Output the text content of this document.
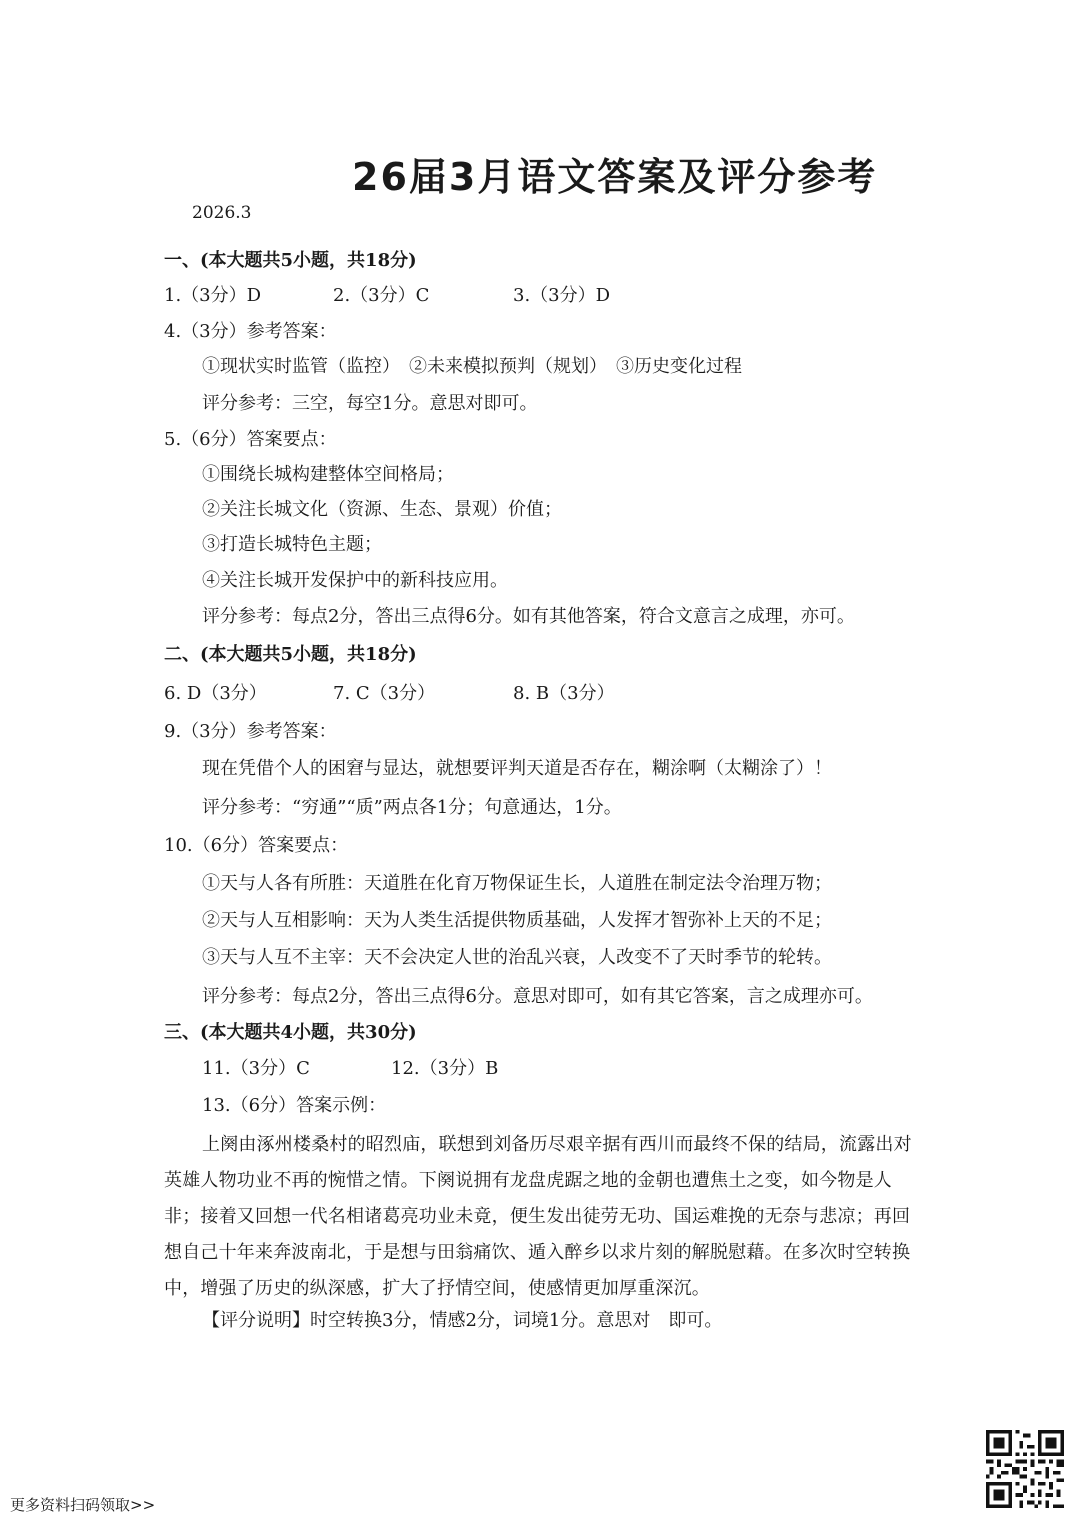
26届3月语文答案及评分参考
2026.3
一、(本大题共5小题，共18分)
1.（3分）D	2.（3分）C	3.（3分）D
4.（3分）参考答案：
①现状实时监管（监控）　②未来模拟预判（规划）　③历史变化过程
评分参考：三空，每空1分。意思对即可。
5.（6分）答案要点：
①围绕长城构建整体空间格局；
②关注长城文化（资源、生态、景观）价值；
③打造长城特色主题；
④关注长城开发保护中的新科技应用。
评分参考：每点2分，答出三点得6分。如有其他答案，符合文意言之成理，亦可。
二、(本大题共5小题，共18分)
6. D（3分）	7. C（3分）	8. B（3分）
9.（3分）参考答案：
现在凭借个人的困窘与显达，就想要评判天道是否存在，糊涂啊（太糊涂了）！
评分参考：“穷通”“质”两点各1分；句意通达，1分。
10.（6分）答案要点：
①天与人各有所胜：天道胜在化育万物保证生长，人道胜在制定法令治理万物；
②天与人互相影响：天为人类生活提供物质基础，人发挥才智弥补上天的不足；
③天与人互不主宰：天不会决定人世的治乱兴衰，人改变不了天时季节的轮转。
评分参考：每点2分，答出三点得6分。意思对即可，如有其它答案，言之成理亦可。
三、(本大题共4小题，共30分)
11.（3分）C	12.（3分）B
13.（6分）答案示例：
上阕由涿州楼桑村的昭烈庙，联想到刘备历尽艰辛据有西川而最终不保的结局，流露出对英雄人物功业不再的惋惜之情。下阕说拥有龙盘虎踞之地的金朝也遭焦土之变，如今物是人非；接着又回想一代名相诸葛亮功业未竟，便生发出徒劳无功、国运难挽的无奈与悲凉；再回想自己十年来奔波南北，于是想与田翁痛饮、遁入醉乡以求片刻的解脱慰藉。在多次时空转换中，增强了历史的纵深感，扩大了抒情空间，使感情更加厚重深沉。
【评分说明】时空转换3分，情感2分，词境1分。意思对　即可。
更多资料扫码领取>>
